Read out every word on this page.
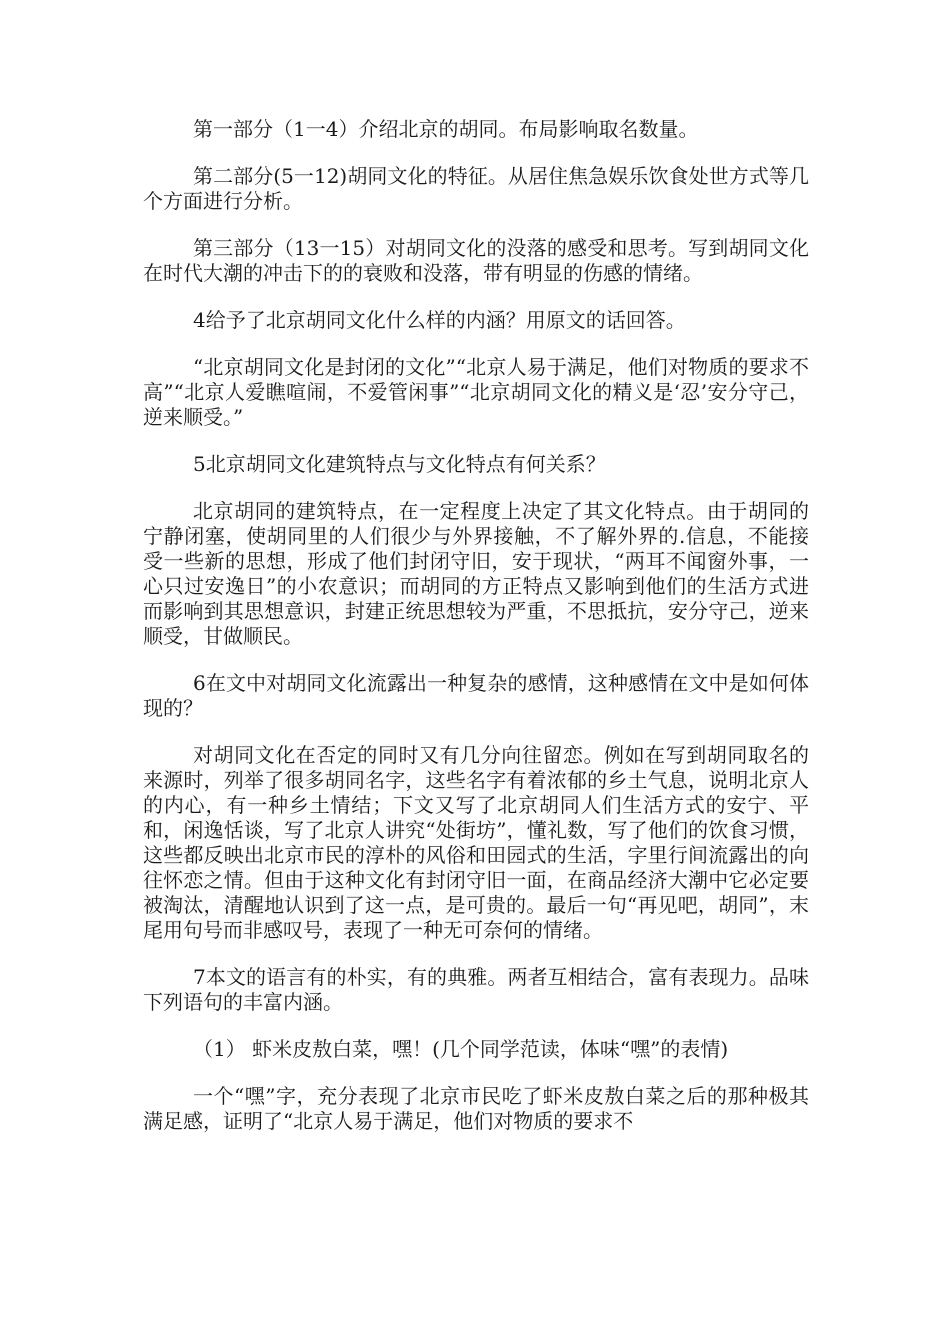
第一部分（1一4）介绍北京的胡同。布局影响取名数量。

第二部分(5一12)胡同文化的特征。从居住焦急娱乐饮食处世方式等几个方面进行分析。

第三部分（13一15）对胡同文化的没落的感受和思考。写到胡同文化在时代大潮的冲击下的的衰败和没落，带有明显的伤感的情绪。

4给予了北京胡同文化什么样的内涵？用原文的话回答。

“北京胡同文化是封闭的文化”“北京人易于满足，他们对物质的要求不高”“北京人爱瞧喧闹，不爱管闲事”“北京胡同文化的精义是‘忍’安分守己，逆来顺受。”

5北京胡同文化建筑特点与文化特点有何关系？

北京胡同的建筑特点，在一定程度上决定了其文化特点。由于胡同的宁静闭塞，使胡同里的人们很少与外界接触，不了解外界的.信息，不能接受一些新的思想，形成了他们封闭守旧，安于现状，“两耳不闻窗外事，一心只过安逸日”的小农意识；而胡同的方正特点又影响到他们的生活方式进而影响到其思想意识，封建正统思想较为严重，不思抵抗，安分守己，逆来顺受，甘做顺民。

6在文中对胡同文化流露出一种复杂的感情，这种感情在文中是如何体现的？

对胡同文化在否定的同时又有几分向往留恋。例如在写到胡同取名的来源时，列举了很多胡同名字，这些名字有着浓郁的乡土气息，说明北京人的内心，有一种乡土情结；下文又写了北京胡同人们生活方式的安宁、平和，闲逸恬谈，写了北京人讲究“处街坊”，懂礼数，写了他们的饮食习惯，这些都反映出北京市民的淳朴的风俗和田园式的生活，字里行间流露出的向往怀恋之情。但由于这种文化有封闭守旧一面，在商品经济大潮中它必定要被淘汰，清醒地认识到了这一点，是可贵的。最后一句“再见吧，胡同”，末尾用句号而非感叹号，表现了一种无可奈何的情绪。

7本文的语言有的朴实，有的典雅。两者互相结合，富有表现力。品味下列语句的丰富内涵。

（1） 虾米皮敖白菜，嘿！(几个同学范读，体味“嘿”的表情)

一个“嘿”字，充分表现了北京市民吃了虾米皮敖白菜之后的那种极其满足感，证明了“北京人易于满足，他们对物质的要求不
